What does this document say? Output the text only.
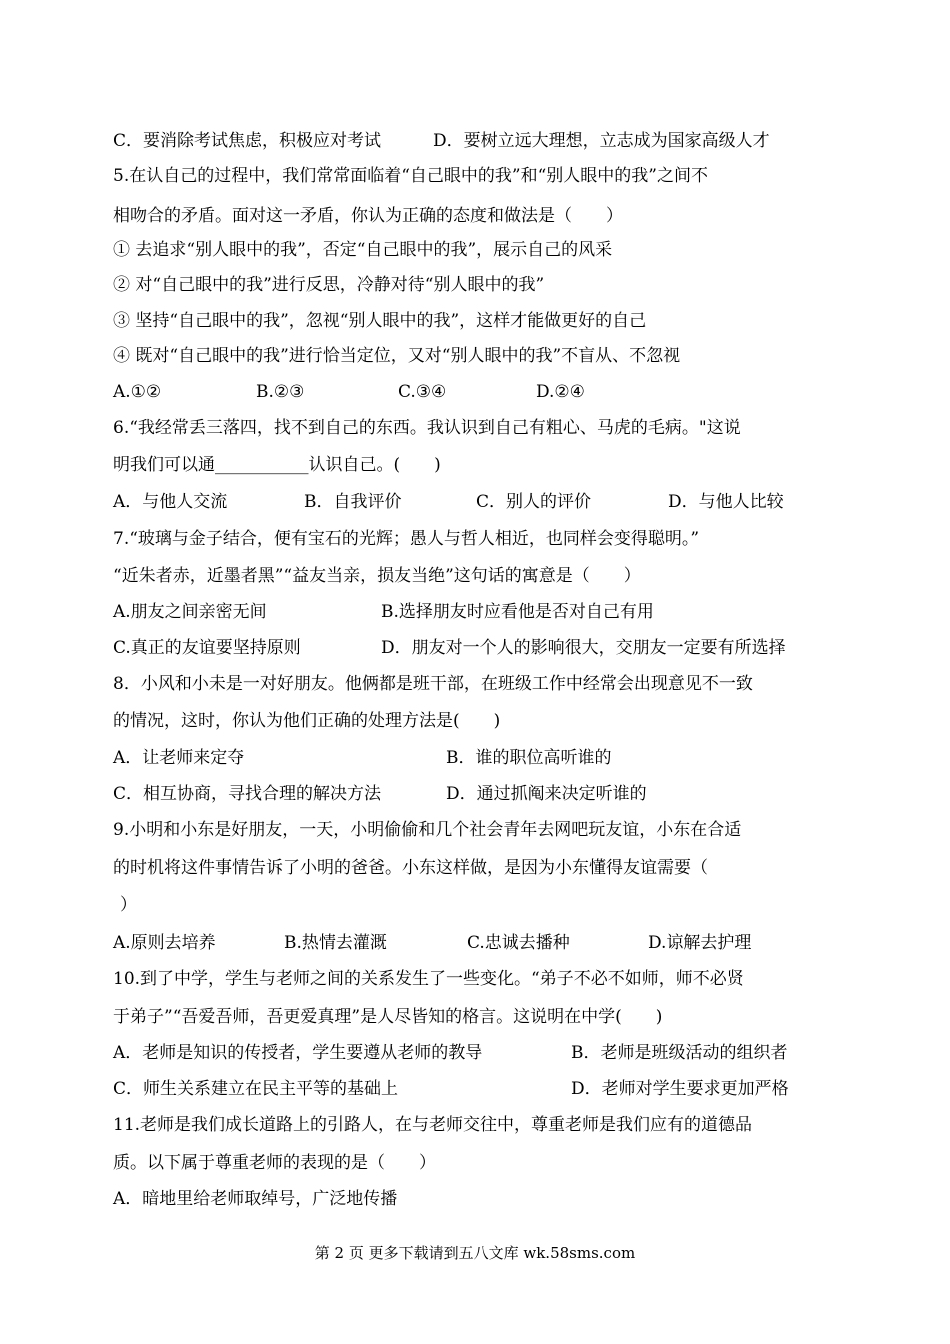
C．要消除考试焦虑，积极应对考试	D．要树立远大理想，立志成为国家高级人才
5.在认自己的过程中，我们常常面临着“自己眼中的我”和“别人眼中的我”之间不
相吻合的矛盾。面对这一矛盾，你认为正确的态度和做法是（　　）
① 去追求“别人眼中的我”，否定“自己眼中的我”，展示自己的风采
② 对“自己眼中的我”进行反思，冷静对待“别人眼中的我”
③ 坚持“自己眼中的我”，忽视“别人眼中的我”，这样才能做更好的自己
④ 既对“自己眼中的我”进行恰当定位，又对“别人眼中的我”不盲从、不忽视
A.①②	B.②③	C.③④	D.②④
6.“我经常丢三落四，找不到自己的东西。我认识到自己有粗心、马虎的毛病。"这说
明我们可以通___________认识自己。(　　)
A．与他人交流	B．自我评价	C．别人的评价	D．与他人比较
7.“玻璃与金子结合，便有宝石的光辉；愚人与哲人相近，也同样会变得聪明。”
“近朱者赤，近墨者黑”“益友当亲，损友当绝”这句话的寓意是（　　）
A.朋友之间亲密无间	B.选择朋友时应看他是否对自己有用
C.真正的友谊要坚持原则	D．朋友对一个人的影响很大，交朋友一定要有所选择
8．小风和小未是一对好朋友。他俩都是班干部，在班级工作中经常会出现意见不一致
的情况，这时，你认为他们正确的处理方法是(　　)
A．让老师来定夺	B．谁的职位高听谁的
C．相互协商，寻找合理的解决方法	D．通过抓阄来决定听谁的
9.小明和小东是好朋友，一天，小明偷偷和几个社会青年去网吧玩友谊，小东在合适
的时机将这件事情告诉了小明的爸爸。小东这样做，是因为小东懂得友谊需要（
）
A.原则去培养	B.热情去灌溉	C.忠诚去播种	D.谅解去护理
10.到了中学，学生与老师之间的关系发生了一些变化。“弟子不必不如师，师不必贤
于弟子”“吾爱吾师，吾更爱真理”是人尽皆知的格言。这说明在中学(　　)
A．老师是知识的传授者，学生要遵从老师的教导	B．老师是班级活动的组织者
C．师生关系建立在民主平等的基础上	D．老师对学生要求更加严格
11.老师是我们成长道路上的引路人，在与老师交往中，尊重老师是我们应有的道德品
质。以下属于尊重老师的表现的是（　　）
A．暗地里给老师取绰号，广泛地传播
第 2 页 更多下载请到五八文库 wk.58sms.com
